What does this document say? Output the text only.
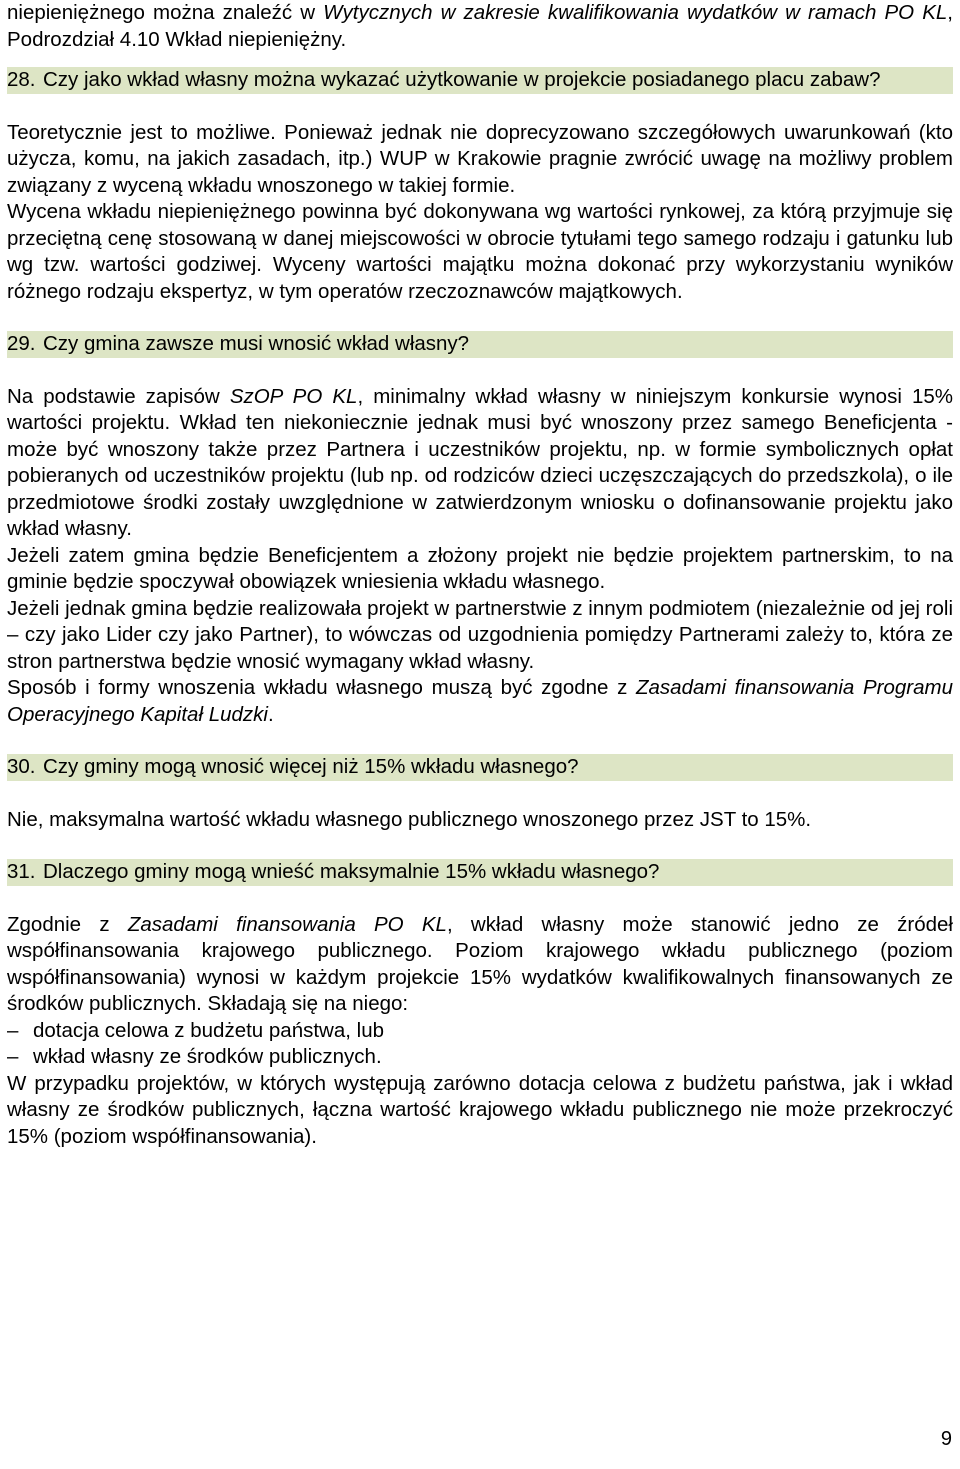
niepieniężnego można znaleźć w Wytycznych w zakresie kwalifikowania wydatków w ramach PO KL, Podrozdział 4.10 Wkład niepieniężny.

28. Czy jako wkład własny można wykazać użytkowanie w projekcie posiadanego placu zabaw?

Teoretycznie jest to możliwe. Ponieważ jednak nie doprecyzowano szczegółowych uwarunkowań (kto użycza, komu, na jakich zasadach, itp.) WUP w Krakowie pragnie zwrócić uwagę na możliwy problem związany z wyceną wkładu wnoszonego w takiej formie.

Wycena wkładu niepieniężnego powinna być dokonywana wg wartości rynkowej, za którą przyjmuje się przeciętną cenę stosowaną w danej miejscowości w obrocie tytułami tego samego rodzaju i gatunku lub wg tzw. wartości godziwej. Wyceny wartości majątku można dokonać przy wykorzystaniu wyników różnego rodzaju ekspertyz, w tym operatów rzeczoznawców majątkowych.

29. Czy gmina zawsze musi wnosić wkład własny?

Na podstawie zapisów SzOP PO KL, minimalny wkład własny w niniejszym konkursie wynosi 15% wartości projektu. Wkład ten niekoniecznie jednak musi być wnoszony przez samego Beneficjenta - może być wnoszony także przez Partnera i uczestników projektu, np. w formie symbolicznych opłat pobieranych od uczestników projektu (lub np. od rodziców dzieci uczęszczających do przedszkola), o ile przedmiotowe środki zostały uwzględnione w zatwierdzonym wniosku o dofinansowanie projektu jako wkład własny.

Jeżeli zatem gmina będzie Beneficjentem a złożony projekt nie będzie projektem partnerskim, to na gminie będzie spoczywał obowiązek wniesienia wkładu własnego.

Jeżeli jednak gmina będzie realizowała projekt w partnerstwie z innym podmiotem (niezależnie od jej roli – czy jako Lider czy jako Partner), to wówczas od uzgodnienia pomiędzy Partnerami zależy to, która ze stron partnerstwa będzie wnosić wymagany wkład własny.

Sposób i formy wnoszenia wkładu własnego muszą być zgodne z Zasadami finansowania Programu Operacyjnego Kapitał Ludzki.

30. Czy gminy mogą wnosić więcej niż 15% wkładu własnego?

Nie, maksymalna wartość wkładu własnego publicznego wnoszonego przez JST to 15%.

31. Dlaczego gminy mogą wnieść maksymalnie 15% wkładu własnego?

Zgodnie z Zasadami finansowania PO KL, wkład własny może stanowić jedno ze źródeł współfinansowania krajowego publicznego. Poziom krajowego wkładu publicznego (poziom współfinansowania) wynosi w każdym projekcie 15% wydatków kwalifikowalnych finansowanych ze środków publicznych. Składają się na niego:

– dotacja celowa z budżetu państwa, lub
– wkład własny ze środków publicznych.

W przypadku projektów, w których występują zarówno dotacja celowa z budżetu państwa, jak i wkład własny ze środków publicznych, łączna wartość krajowego wkładu publicznego nie może przekroczyć 15% (poziom współfinansowania).

9
